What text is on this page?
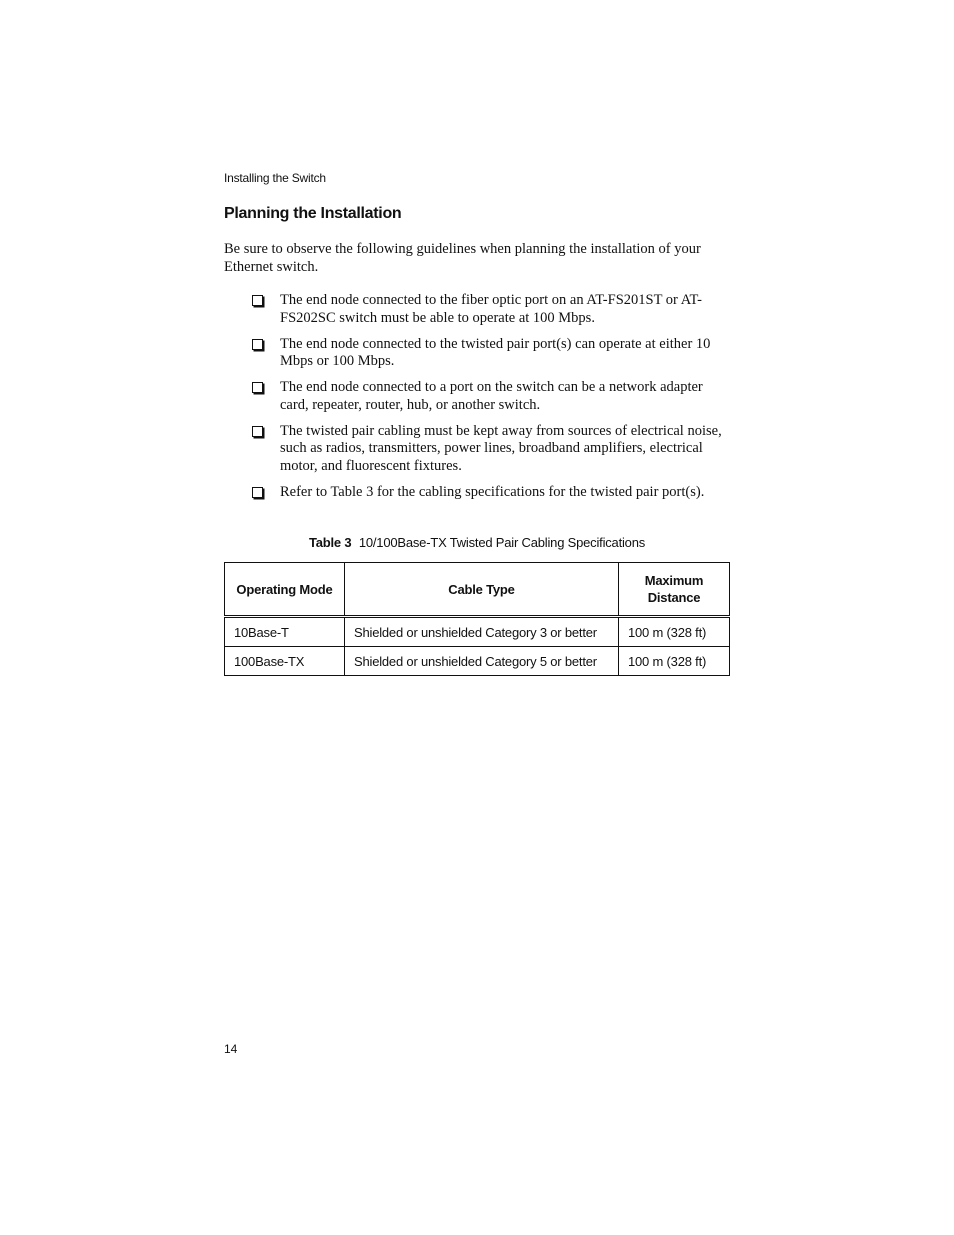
Installing the Switch
Planning the Installation

Be sure to observe the following guidelines when planning the installation of your Ethernet switch.

The end node connected to the fiber optic port on an AT-FS201ST or AT-FS202SC switch must be able to operate at 100 Mbps.
The end node connected to the twisted pair port(s) can operate at either 10 Mbps or 100 Mbps.
The end node connected to a port on the switch can be a network adapter card, repeater, router, hub, or another switch.
The twisted pair cabling must be kept away from sources of electrical noise, such as radios, transmitters, power lines, broadband amplifiers, electrical motor, and fluorescent fixtures.
Refer to Table 3 for the cabling specifications for the twisted pair port(s).
Table 3 10/100Base-TX Twisted Pair Cabling Specifications
Operating Mode	Cable Type	Maximum Distance
10Base-T	Shielded or unshielded Category 3 or better	100 m (328 ft)
100Base-TX	Shielded or unshielded Category 5 or better	100 m (328 ft)
14
